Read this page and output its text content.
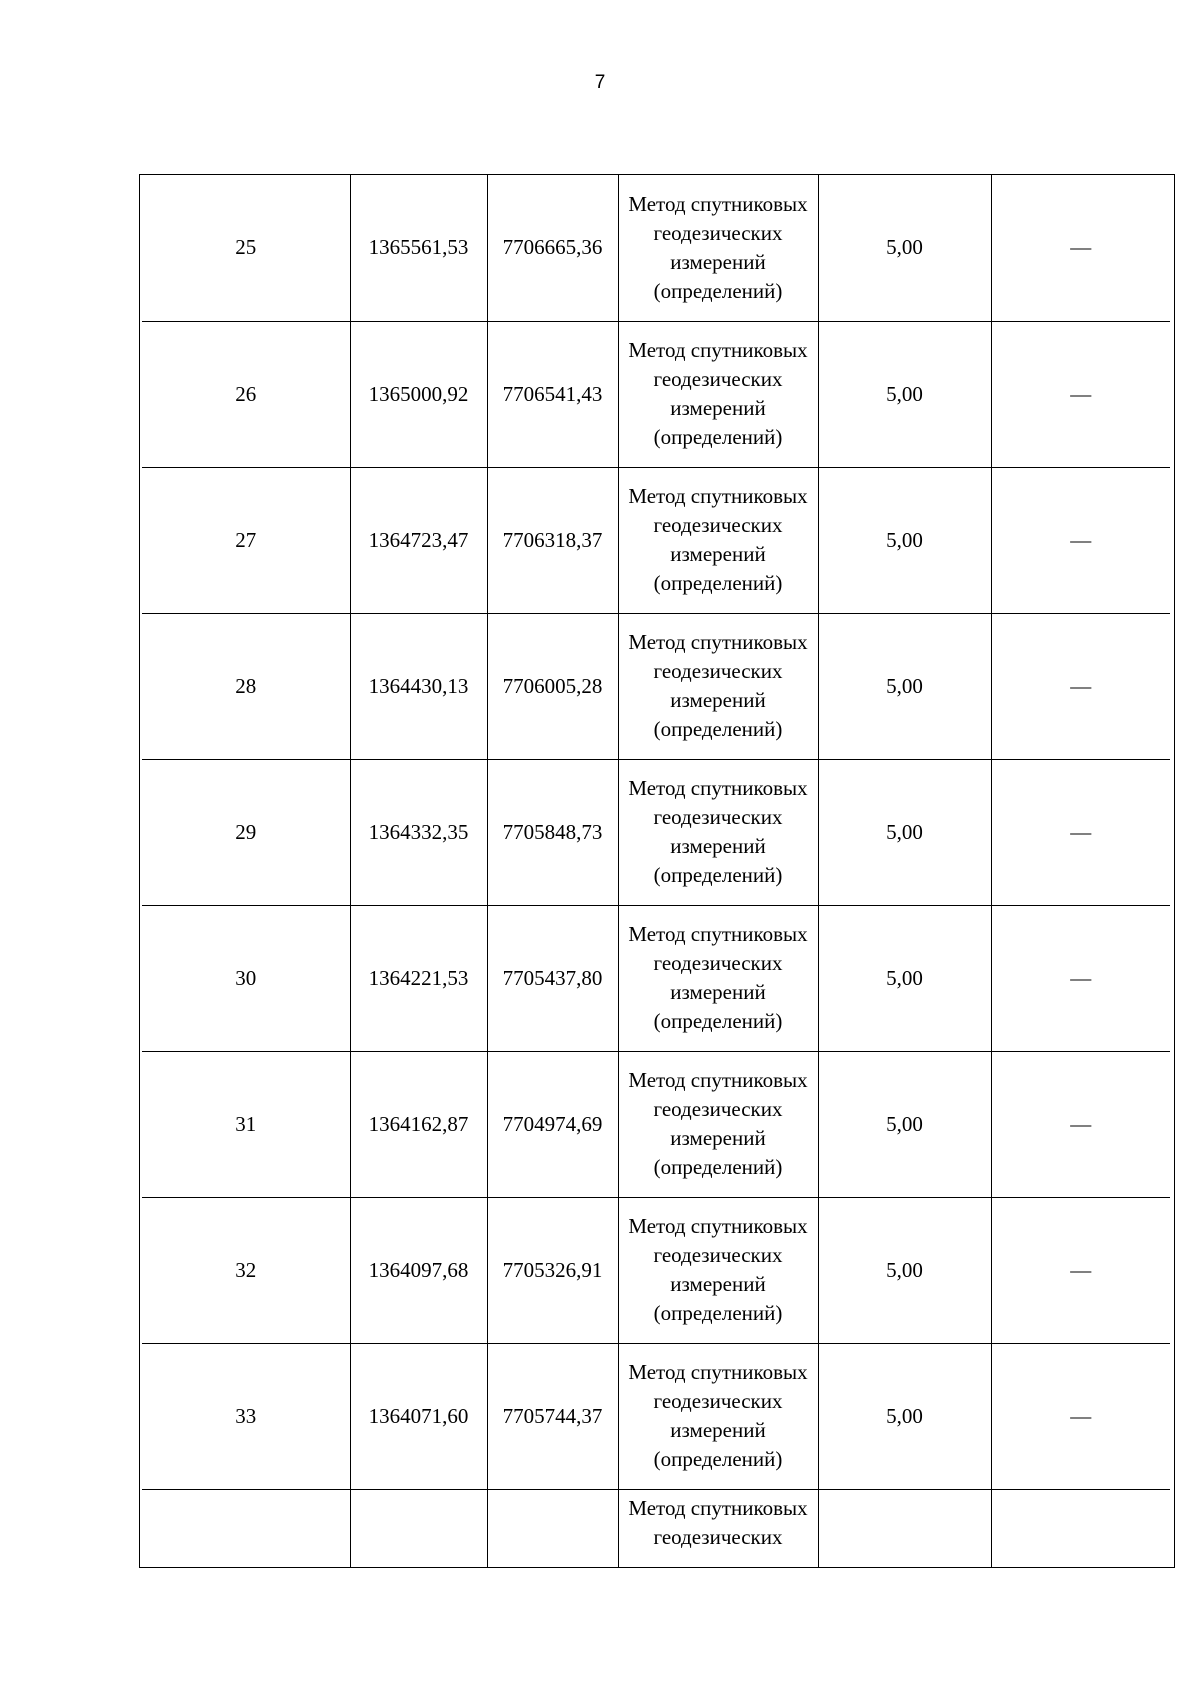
7
25	1365561,53	7706665,36	Метод спутниковых геодезических измерений (определений)	5,00	—
26	1365000,92	7706541,43	Метод спутниковых геодезических измерений (определений)	5,00	—
27	1364723,47	7706318,37	Метод спутниковых геодезических измерений (определений)	5,00	—
28	1364430,13	7706005,28	Метод спутниковых геодезических измерений (определений)	5,00	—
29	1364332,35	7705848,73	Метод спутниковых геодезических измерений (определений)	5,00	—
30	1364221,53	7705437,80	Метод спутниковых геодезических измерений (определений)	5,00	—
31	1364162,87	7704974,69	Метод спутниковых геодезических измерений (определений)	5,00	—
32	1364097,68	7705326,91	Метод спутниковых геодезических измерений (определений)	5,00	—
33	1364071,60	7705744,37	Метод спутниковых геодезических измерений (определений)	5,00	—

			Метод спутниковых геодезических		
